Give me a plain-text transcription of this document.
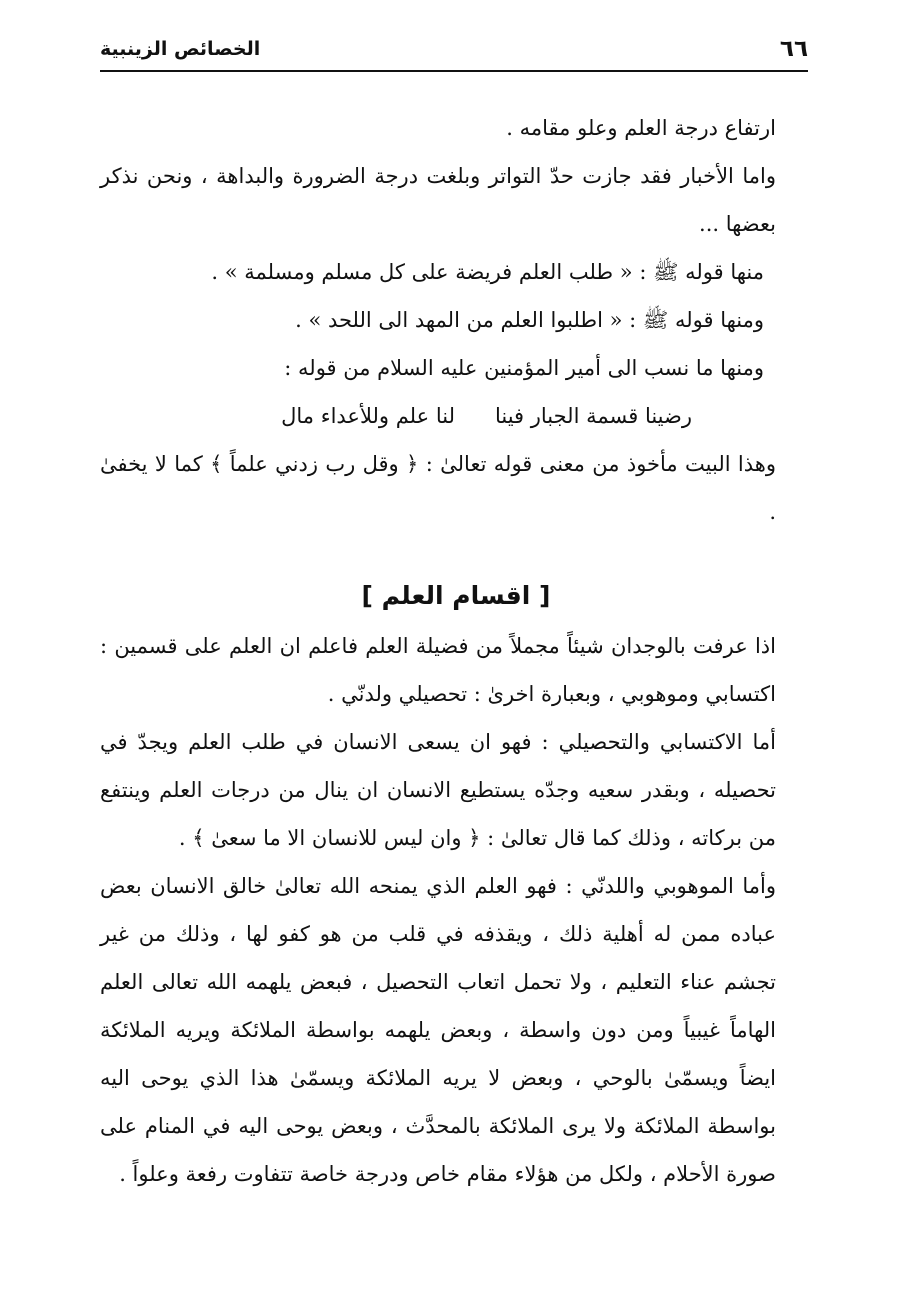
٦٦
الخصائص الزينبية

ارتفاع درجة العلم وعلو مقامه .

واما الأخبار فقد جازت حدّ التواتر وبلغت درجة الضرورة والبداهة ، ونحن نذكر بعضها ...

منها قوله ﷺ : « طلب العلم فريضة على كل مسلم ومسلمة » .

ومنها قوله ﷺ : « اطلبوا العلم من المهد الى اللحد » .

ومنها ما نسب الى أمير المؤمنين عليه السلام من قوله :

رضينا قسمة الجبار فينا
لنا علم وللأعداء مال

وهذا البيت مأخوذ من معنى قوله تعالىٰ : ﴿ وقل رب زدني علماً ﴾ كما لا يخفىٰ .

[ اقسام العلم ]

اذا عرفت بالوجدان شيئاً مجملاً من فضيلة العلم فاعلم ان العلم على قسمين : اكتسابي وموهوبي ، وبعبارة اخرىٰ : تحصيلي ولدنّي .

أما الاكتسابي والتحصيلي : فهو ان يسعى الانسان في طلب العلم ويجدّ في تحصيله ، وبقدر سعيه وجدّه يستطيع الانسان ان ينال من درجات العلم وينتفع من بركاته ، وذلك كما قال تعالىٰ : ﴿ وان ليس للانسان الا ما سعىٰ ﴾ .

وأما الموهوبي واللدنّي : فهو العلم الذي يمنحه الله تعالىٰ خالق الانسان بعض عباده ممن له أهلية ذلك ، ويقذفه في قلب من هو كفو لها ، وذلك من غير تجشم عناء التعليم ، ولا تحمل اتعاب التحصيل ، فبعض يلهمه الله تعالى العلم الهاماً غيبياً ومن دون واسطة ، وبعض يلهمه بواسطة الملائكة ويريه الملائكة ايضاً ويسمّىٰ بالوحي ، وبعض لا يريه الملائكة ويسمّىٰ هذا الذي يوحى اليه بواسطة الملائكة ولا يرى الملائكة بالمحدَّث ، وبعض يوحى اليه في المنام على صورة الأحلام ، ولكل من هؤلاء مقام خاص ودرجة خاصة تتفاوت رفعة وعلواً .
